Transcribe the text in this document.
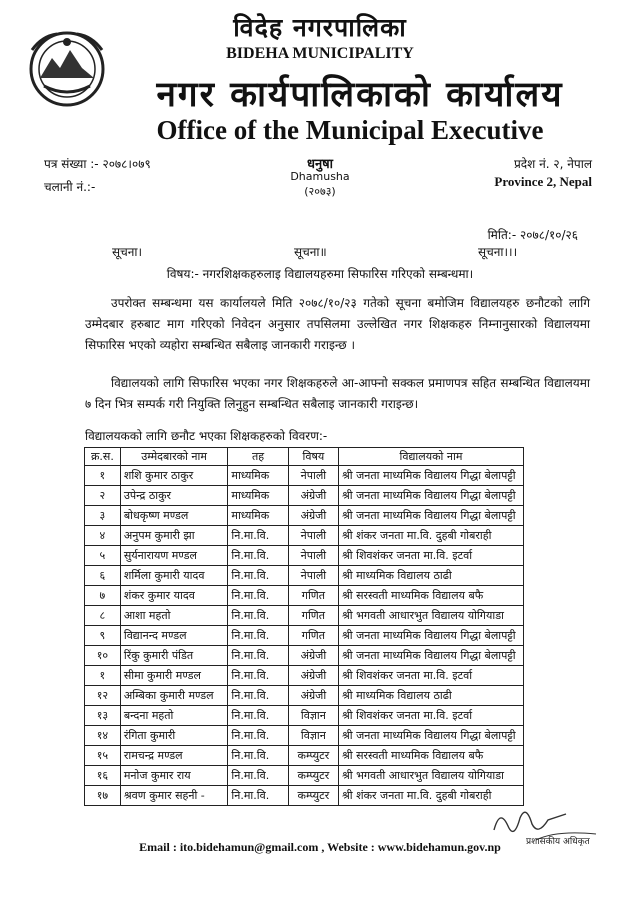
विदेह नगरपालिका
BIDEHA MUNICIPALITY
नगर कार्यपालिकाको कार्यालय
Office of the Municipal Executive
पत्र संख्या :- २०७८।०७९
चलानी नं.:-
धनुषा
Dhamusha
(२०७३)
प्रदेश नं. २, नेपाल
Province 2, Nepal
मिति:- २०७८/१०/२६
सूचना।	सूचना॥	सूचना।।।
विषय:- नगरशिक्षकहरुलाइ विद्यालयहरुमा सिफारिस गरिएको सम्बन्धमा।
उपरोक्त सम्बन्धमा यस कार्यालयले मिति २०७८/१०/२३ गतेको सूचना बमोजिम विद्यालयहरु छनौटको लागि उम्मेदबार हरुबाट माग गरिएको निवेदन अनुसार तपसिलमा उल्लेखित नगर शिक्षकहरु निम्नानुसारको विद्यालयमा सिफारिस भएको व्यहोरा सम्बन्धित सबैलाइ जानकारी गराइन्छ ।
विद्यालयको लागि सिफारिस भएका नगर शिक्षकहरुले आ-आफ्नो सक्कल प्रमाणपत्र सहित सम्बन्धित विद्यालयमा ७ दिन भित्र सम्पर्क गरी नियुक्ति लिनुहुन सम्बन्धित सबैलाइ जानकारी गराइन्छ।
विद्यालयकको लागि छनौट भएका शिक्षकहरुको विवरण:-
क्र.स.	उम्मेदबारको नाम	तह	विषय	विद्यालयको नाम
१	शशि कुमार ठाकुर	माध्यमिक	नेपाली	श्री जनता माध्यमिक विद्यालय गिद्धा बेलापट्टी
२	उपेन्द्र ठाकुर	माध्यमिक	अंग्रेजी	श्री जनता माध्यमिक विद्यालय गिद्धा बेलापट्टी
३	बोधकृष्ण मण्डल	माध्यमिक	अंग्रेजी	श्री जनता माध्यमिक विद्यालय गिद्धा बेलापट्टी
४	अनुपम कुमारी झा	नि.मा.वि.	नेपाली	श्री शंकर जनता मा.वि. दुहबी गोबराही
५	सुर्यनारायण मण्डल	नि.मा.वि.	नेपाली	श्री शिवशंकर जनता मा.वि. इटर्वा
६	शर्मिला कुमारी यादव	नि.मा.वि.	नेपाली	श्री माध्यमिक विद्यालय ठाढी
७	शंकर कुमार यादव	नि.मा.वि.	गणित	श्री सरस्वती माध्यमिक विद्यालय बफै
८	आशा महतो	नि.मा.वि.	गणित	श्री भगवती आधारभुत विद्यालय योगियाडा
९	विद्यानन्द मण्डल	नि.मा.वि.	गणित	श्री जनता माध्यमिक विद्यालय गिद्धा बेलापट्टी
१०	रिंकु कुमारी पंडित	नि.मा.वि.	अंग्रेजी	श्री जनता माध्यमिक विद्यालय गिद्धा बेलापट्टी
१	सीमा कुमारी मण्डल	नि.मा.वि.	अंग्रेजी	श्री शिवशंकर जनता मा.वि. इटर्वा
१२	अम्बिका कुमारी मण्डल	नि.मा.वि.	अंग्रेजी	श्री माध्यमिक विद्यालय ठाढी
१३	बन्दना महतो	नि.मा.वि.	विज्ञान	श्री शिवशंकर जनता मा.वि. इटर्वा
१४	रंगिता कुमारी	नि.मा.वि.	विज्ञान	श्री जनता माध्यमिक विद्यालय गिद्धा बेलापट्टी
१५	रामचन्द्र मण्डल	नि.मा.वि.	कम्प्युटर	श्री सरस्वती माध्यमिक विद्यालय बफै
१६	मनोज कुमार राय	नि.मा.वि.	कम्प्युटर	श्री भगवती आधारभुत विद्यालय योगियाडा
१७	श्रवण कुमार सहनी -	नि.मा.वि.	कम्प्युटर	श्री शंकर जनता मा.वि. दुहबी गोबराही
प्रशासकीय अधिकृत
Email : ito.bidehamun@gmail.com , Website : www.bidehamun.gov.np
